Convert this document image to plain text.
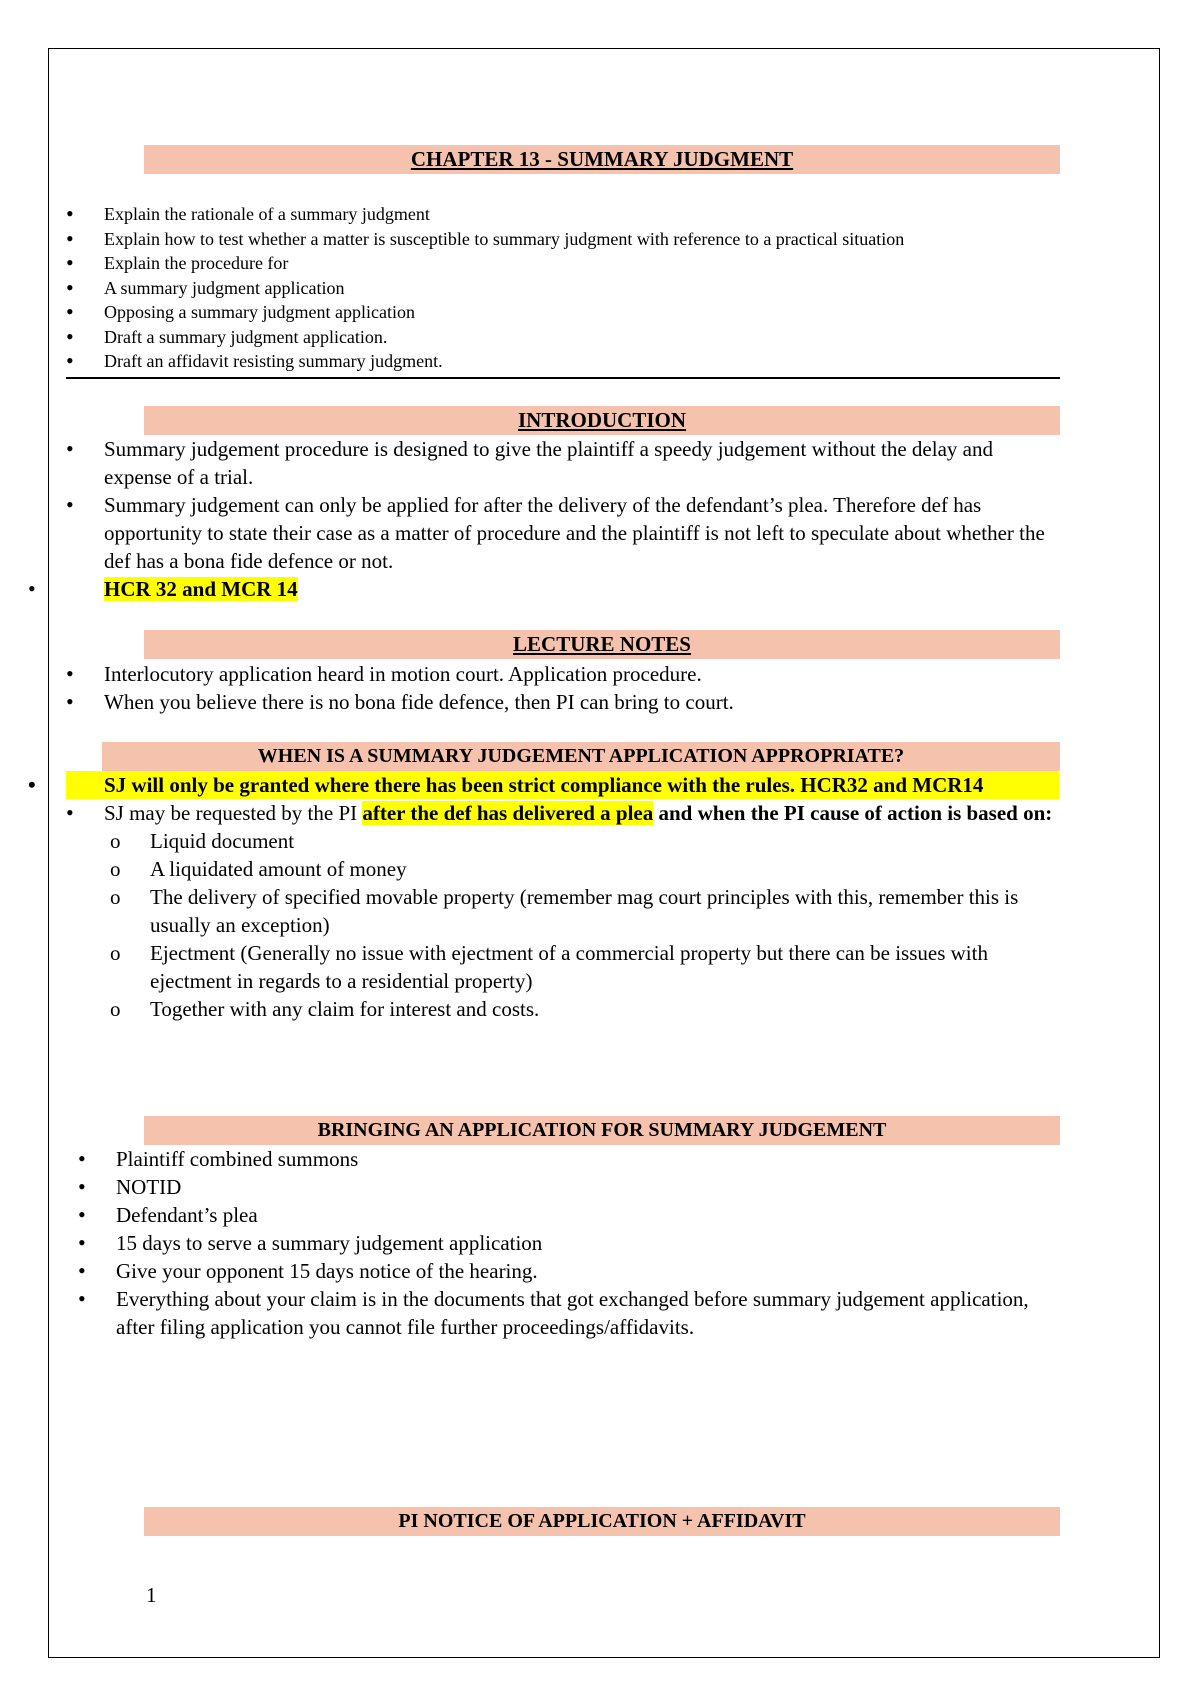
CHAPTER 13 - SUMMARY JUDGMENT
• Explain the rationale of a summary judgment
• Explain how to test whether a matter is susceptible to summary judgment with reference to a practical situation
• Explain the procedure for
• A summary judgment application
• Opposing a summary judgment application
• Draft a summary judgment application.
• Draft an affidavit resisting summary judgment.
INTRODUCTION
• Summary judgement procedure is designed to give the plaintiff a speedy judgement without the delay and expense of a trial.
• Summary judgement can only be applied for after the delivery of the defendant’s plea. Therefore def has opportunity to state their case as a matter of procedure and the plaintiff is not left to speculate about whether the def has a bona fide defence or not.
• HCR 32 and MCR 14
LECTURE NOTES
• Interlocutory application heard in motion court. Application procedure.
• When you believe there is no bona fide defence, then PI can bring to court.
WHEN IS A SUMMARY JUDGEMENT APPLICATION APPROPRIATE?
• SJ will only be granted where there has been strict compliance with the rules. HCR32 and MCR14
• SJ may be requested by the PI after the def has delivered a plea and when the PI cause of action is based on:
o Liquid document
o A liquidated amount of money
o The delivery of specified movable property (remember mag court principles with this, remember this is usually an exception)
o Ejectment (Generally no issue with ejectment of a commercial property but there can be issues with ejectment in regards to a residential property)
o Together with any claim for interest and costs.
BRINGING AN APPLICATION FOR SUMMARY JUDGEMENT
• Plaintiff combined summons
• NOTID
• Defendant’s plea
• 15 days to serve a summary judgement application
• Give your opponent 15 days notice of the hearing.
• Everything about your claim is in the documents that got exchanged before summary judgement application, after filing application you cannot file further proceedings/affidavits.
PI NOTICE OF APPLICATION + AFFIDAVIT
1
